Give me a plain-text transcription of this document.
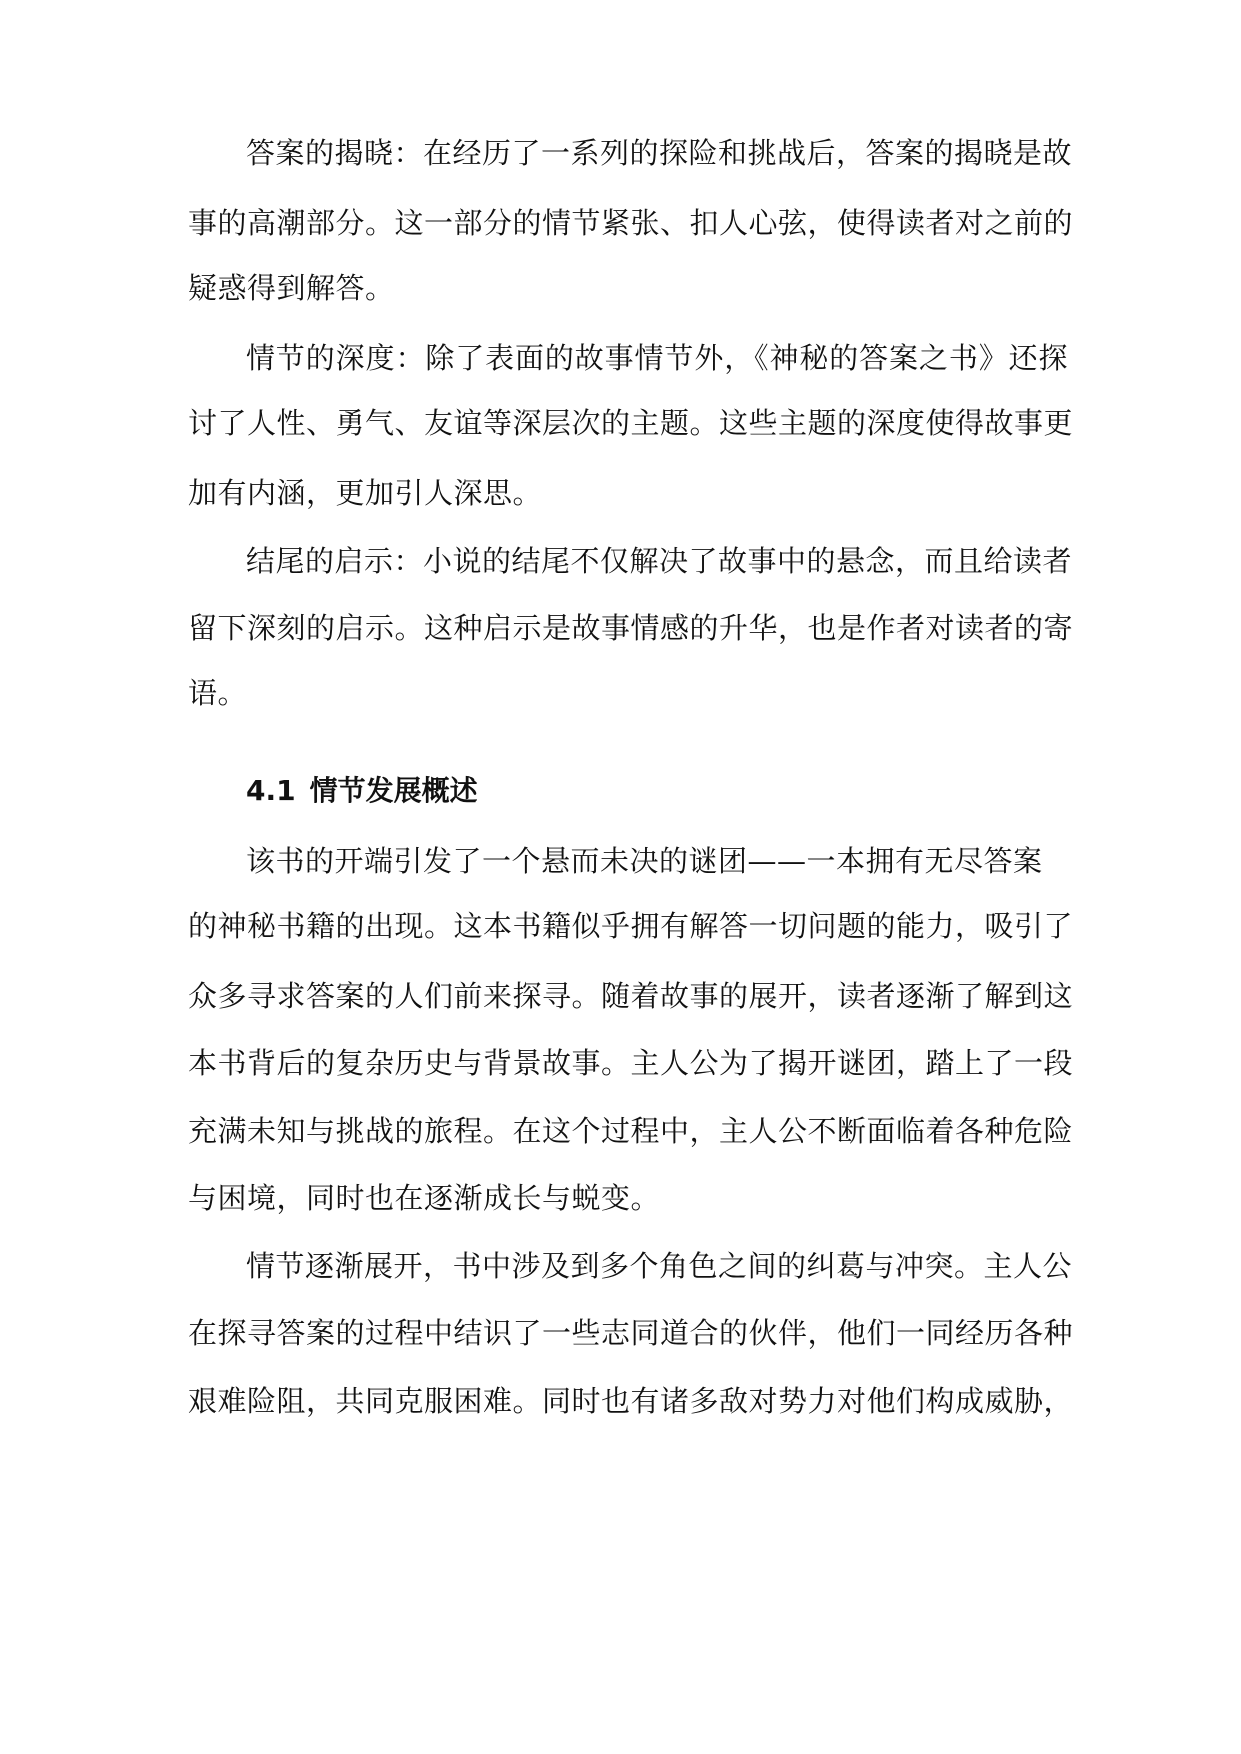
答案的揭晓：在经历了一系列的探险和挑战后，答案的揭晓是故
事的高潮部分。这一部分的情节紧张、扣人心弦，使得读者对之前的
疑惑得到解答。
情节的深度：除了表面的故事情节外，《神秘的答案之书》还探
讨了人性、勇气、友谊等深层次的主题。这些主题的深度使得故事更
加有内涵，更加引人深思。
结尾的启示：小说的结尾不仅解决了故事中的悬念，而且给读者
留下深刻的启示。这种启示是故事情感的升华，也是作者对读者的寄
语。
4.1 情节发展概述
该书的开端引发了一个悬而未决的谜团——一本拥有无尽答案
的神秘书籍的出现。这本书籍似乎拥有解答一切问题的能力，吸引了
众多寻求答案的人们前来探寻。随着故事的展开，读者逐渐了解到这
本书背后的复杂历史与背景故事。主人公为了揭开谜团，踏上了一段
充满未知与挑战的旅程。在这个过程中，主人公不断面临着各种危险
与困境，同时也在逐渐成长与蜕变。
情节逐渐展开，书中涉及到多个角色之间的纠葛与冲突。主人公
在探寻答案的过程中结识了一些志同道合的伙伴，他们一同经历各种
艰难险阻，共同克服困难。同时也有诸多敌对势力对他们构成威胁，
